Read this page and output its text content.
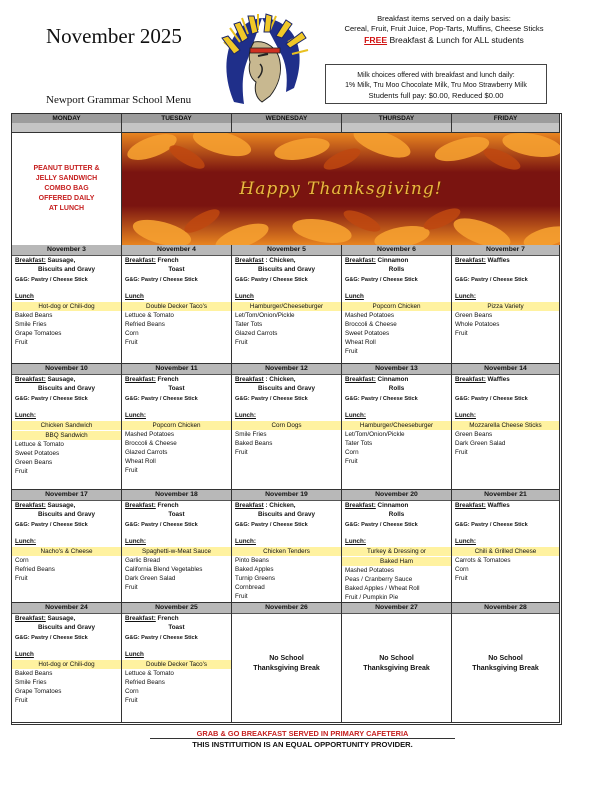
November 2025
Newport Grammar School Menu
Breakfast items served on a daily basis:
Cereal, Fruit, Fruit Juice, Pop-Tarts, Muffins, Cheese Sticks
FREE Breakfast & Lunch for ALL students
Milk choices offered with breakfast and lunch daily:
1% Milk, Tru Moo Chocolate Milk, Tru Moo Strawberry Milk
Students full pay: $0.00, Reduced $0.00
PEANUT BUTTER &
JELLY SANDWICH
COMBO BAG
OFFERED DAILY
AT LUNCH
Happy Thanksgiving!
MONDAY	TUESDAY	WEDNESDAY	THURSDAY	FRIDAY
November 3
Breakfast: Sausage,
Biscuits and Gravy
G&G: Pastry / Cheese Stick
Lunch
Hot-dog or Chili-dog
Baked Beans
Smile Fries
Grape Tomatoes
Fruit
November 4
Breakfast: French
Toast
G&G: Pastry / Cheese Stick
Lunch
Double Decker Taco's
Lettuce & Tomato
Refried Beans
Corn
Fruit
November 5
Breakfast : Chicken,
Biscuits and Gravy
G&G: Pastry / Cheese Stick
Lunch
Hamburger/Cheeseburger
Let/Tom/Onion/Pickle
Tater Tots
Glazed Carrots
Fruit
November 6
Breakfast: Cinnamon
Rolls
G&G: Pastry / Cheese Stick
Lunch
Popcorn Chicken
Mashed Potatoes
Broccoli & Cheese
Sweet Potatoes
Wheat Roll
Fruit
November 7
Breakfast: Waffles

G&G: Pastry / Cheese Stick
Lunch:
Pizza Variety
Green Beans
Whole Potatoes
Fruit
November 10
Breakfast: Sausage,
Biscuits and Gravy
G&G: Pastry / Cheese Stick
Lunch:
Chicken Sandwich
BBQ Sandwich
Lettuce & Tomato
Sweet Potatoes
Green Beans
Fruit
November 11
Breakfast: French
Toast
G&G: Pastry / Cheese Stick
Lunch:
Popcorn Chicken
Mashed Potatoes
Broccoli & Cheese
Glazed Carrots
Wheat Roll
Fruit
November 12
Breakfast : Chicken,
Biscuits and Gravy
G&G: Pastry / Cheese Stick
Lunch:
Corn Dogs
Smile Fries
Baked Beans
Fruit
November 13
Breakfast: Cinnamon
Rolls
G&G: Pastry / Cheese Stick
Lunch:
Hamburger/Cheeseburger
Let/Tom/Onion/Pickle
Tater Tots
Corn
Fruit
November 14
Breakfast: Waffles

G&G: Pastry / Cheese Stick
Lunch:
Mozzarella Cheese Sticks
Green Beans
Dark Green Salad
Fruit
November 17
Breakfast: Sausage,
Biscuits and Gravy
G&G: Pastry / Cheese Stick
Lunch:
Nacho's & Cheese
Corn
Refried Beans
Fruit
November 18
Breakfast: French
Toast
G&G: Pastry / Cheese Stick
Lunch:
Spaghetti-w-Meat Sauce
Garlic Bread
California Blend Vegetables
Dark Green Salad
Fruit
November 19
Breakfast : Chicken,
Biscuits and Gravy
G&G: Pastry / Cheese Stick
Lunch:
Chicken Tenders
Pinto Beans
Baked Apples
Turnip Greens
Cornbread
Fruit
November 20
Breakfast: Cinnamon
Rolls
G&G: Pastry / Cheese Stick
Lunch:
Turkey & Dressing or
Baked Ham
Mashed Potatoes
Peas / Cranberry Sauce
Baked Apples / Wheat Roll
Fruit / Pumpkin Pie
November 21
Breakfast: Waffles

G&G: Pastry / Cheese Stick
Lunch:
Chili & Grilled Cheese
Carrots & Tomatoes
Corn
Fruit
November 24
Breakfast: Sausage,
Biscuits and Gravy
G&G: Pastry / Cheese Stick
Lunch
Hot-dog or Chili-dog
Baked Beans
Smile Fries
Grape Tomatoes
Fruit
November 25
Breakfast: French
Toast
G&G: Pastry / Cheese Stick
Lunch
Double Decker Taco's
Lettuce & Tomato
Refried Beans
Corn
Fruit
November 26
No School
Thanksgiving Break
November 27
No School
Thanksgiving Break
November 28
No School
Thanksgiving Break
GRAB & GO BREAKFAST SERVED IN PRIMARY CAFETERIA
THIS INSTITUITION IS AN EQUAL OPPORTUNITY PROVIDER.
